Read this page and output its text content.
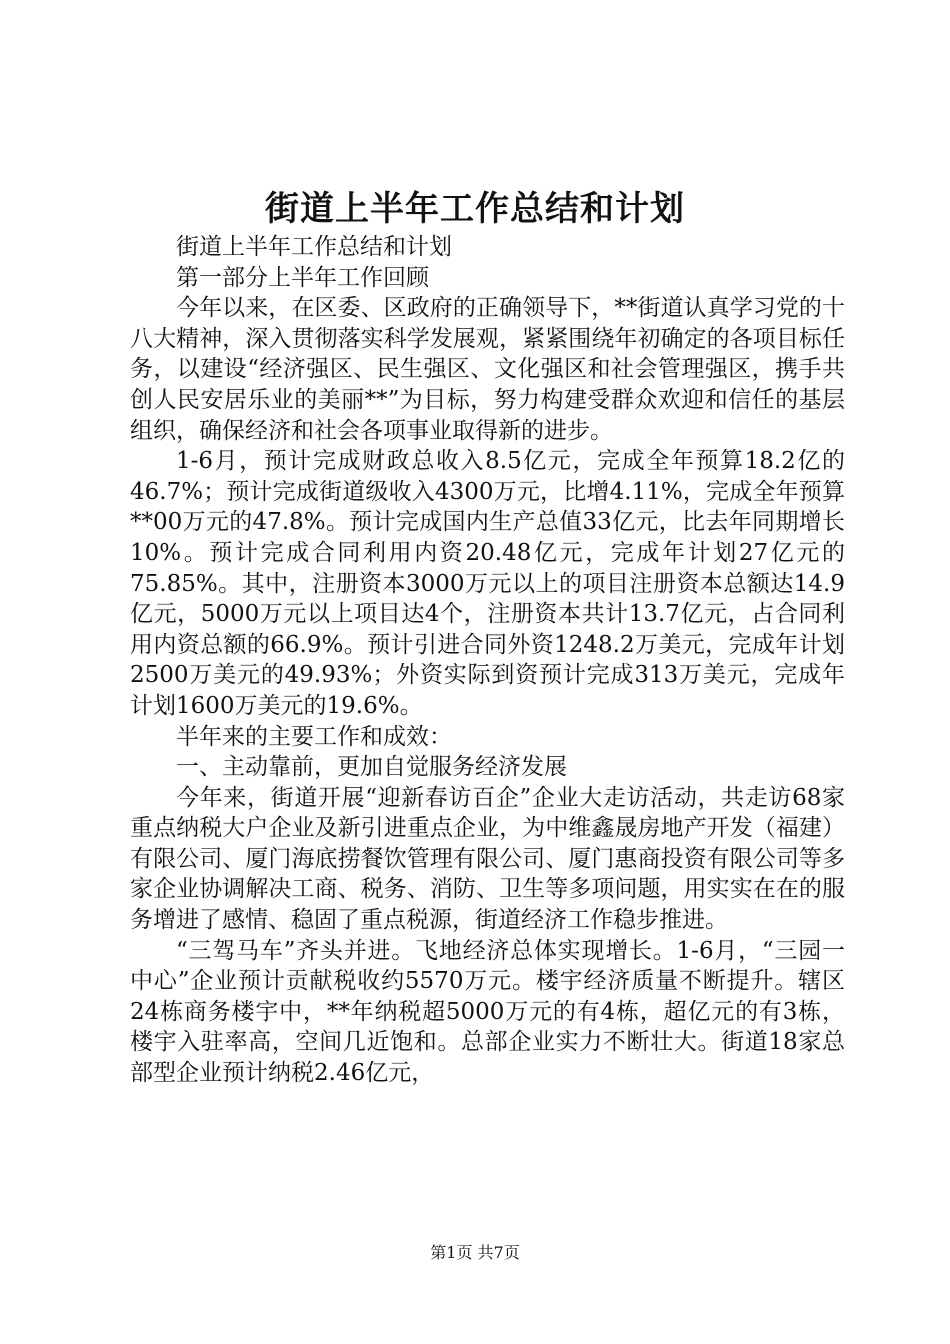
街道上半年工作总结和计划

街道上半年工作总结和计划

第一部分上半年工作回顾

今年以来，在区委、区政府的正确领导下，**街道认真学习党的十八大精神，深入贯彻落实科学发展观，紧紧围绕年初确定的各项目标任务，以建设“经济强区、民生强区、文化强区和社会管理强区，携手共创人民安居乐业的美丽**”为目标，努力构建受群众欢迎和信任的基层组织，确保经济和社会各项事业取得新的进步。

1-6月，预计完成财政总收入8.5亿元，完成全年预算18.2亿的46.7%；预计完成街道级收入4300万元，比增4.11%，完成全年预算**00万元的47.8%。预计完成国内生产总值33亿元，比去年同期增长10%。预计完成合同利用内资20.48亿元，完成年计划27亿元的75.85%。其中，注册资本3000万元以上的项目注册资本总额达14.9亿元，5000万元以上项目达4个，注册资本共计13.7亿元，占合同利用内资总额的66.9%。预计引进合同外资1248.2万美元，完成年计划2500万美元的49.93%；外资实际到资预计完成313万美元，完成年计划1600万美元的19.6%。

半年来的主要工作和成效：

一、主动靠前，更加自觉服务经济发展

今年来，街道开展“迎新春访百企”企业大走访活动，共走访68家重点纳税大户企业及新引进重点企业，为中维鑫晟房地产开发（福建）有限公司、厦门海底捞餐饮管理有限公司、厦门惠商投资有限公司等多家企业协调解决工商、税务、消防、卫生等多项问题，用实实在在的服务增进了感情、稳固了重点税源，街道经济工作稳步推进。

“三驾马车”齐头并进。飞地经济总体实现增长。1-6月，“三园一中心”企业预计贡献税收约5570万元。楼宇经济质量不断提升。辖区24栋商务楼宇中，**年纳税超5000万元的有4栋，超亿元的有3栋，楼宇入驻率高，空间几近饱和。总部企业实力不断壮大。街道18家总部型企业预计纳税2.46亿元，

第1页 共7页
